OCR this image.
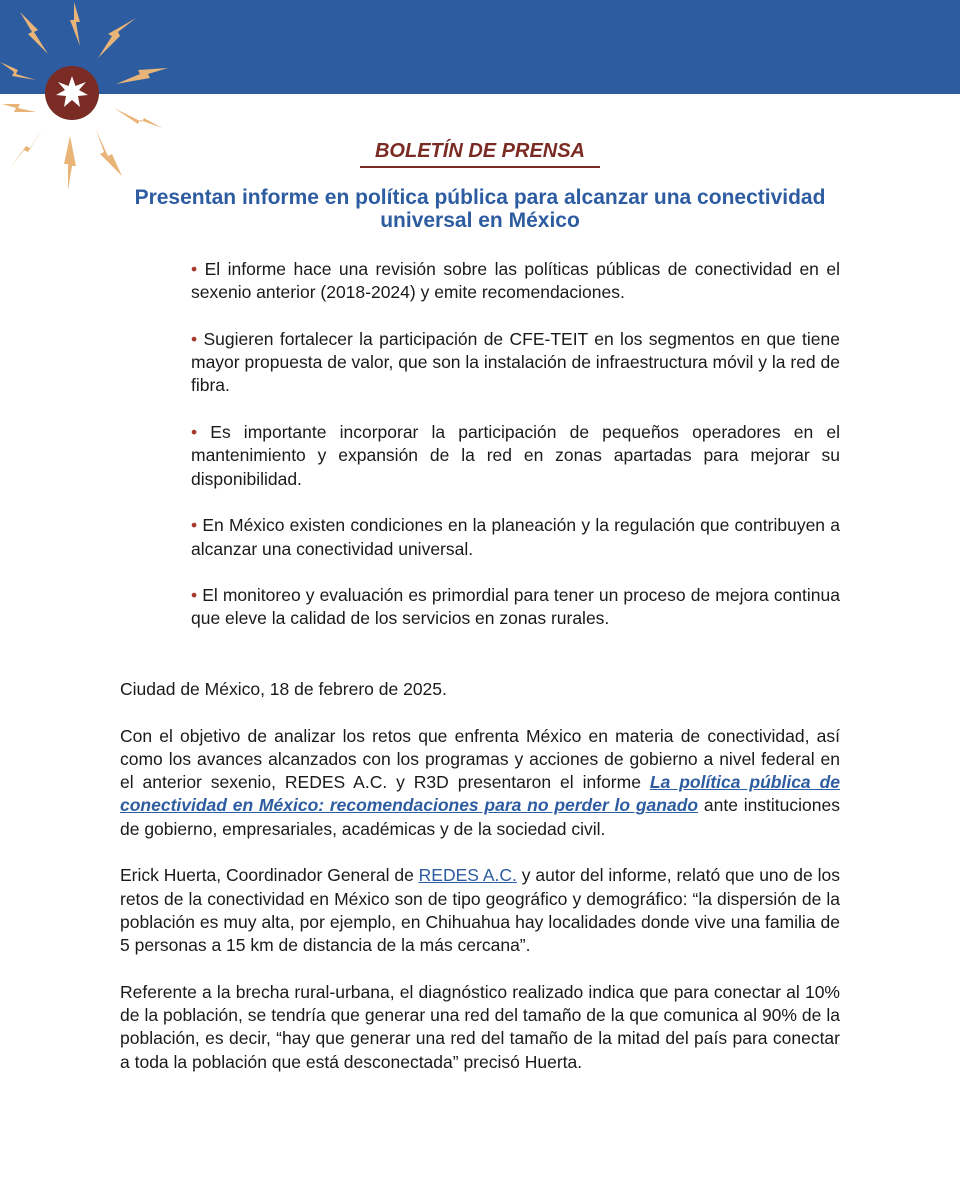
BOLETÍN DE PRENSA
Presentan informe en política pública para alcanzar una conectividad
universal en México

• El informe hace una revisión sobre las políticas públicas de conectividad en el sexenio anterior (2018-2024) y emite recomendaciones.

• Sugieren fortalecer la participación de CFE-TEIT en los segmentos en que tiene mayor propuesta de valor, que son la instalación de infraestructura móvil y la red de fibra.

• Es importante incorporar la participación de pequeños operadores en el mantenimiento y expansión de la red en zonas apartadas para mejorar su disponibilidad.

• En México existen condiciones en la planeación y la regulación que contribuyen a alcanzar una conectividad universal.

• El monitoreo y evaluación es primordial para tener un proceso de mejora continua que eleve la calidad de los servicios en zonas rurales.

Ciudad de México, 18 de febrero de 2025.

Con el objetivo de analizar los retos que enfrenta México en materia de conectividad, así como los avances alcanzados con los programas y acciones de gobierno a nivel federal en el anterior sexenio, REDES A.C. y R3D presentaron el informe La política pública de conectividad en México: recomendaciones para no perder lo ganado ante instituciones de gobierno, empresariales, académicas y de la sociedad civil.

Erick Huerta, Coordinador General de REDES A.C. y autor del informe, relató que uno de los retos de la conectividad en México son de tipo geográfico y demográfico: “la dispersión de la población es muy alta, por ejemplo, en Chihuahua hay localidades donde vive una familia de 5 personas a 15 km de distancia de la más cercana”.

Referente a la brecha rural-urbana, el diagnóstico realizado indica que para conectar al 10% de la población, se tendría que generar una red del tamaño de la que comunica al 90% de la población, es decir, “hay que generar una red del tamaño de la mitad del país para conectar a toda la población que está desconectada” precisó Huerta.
